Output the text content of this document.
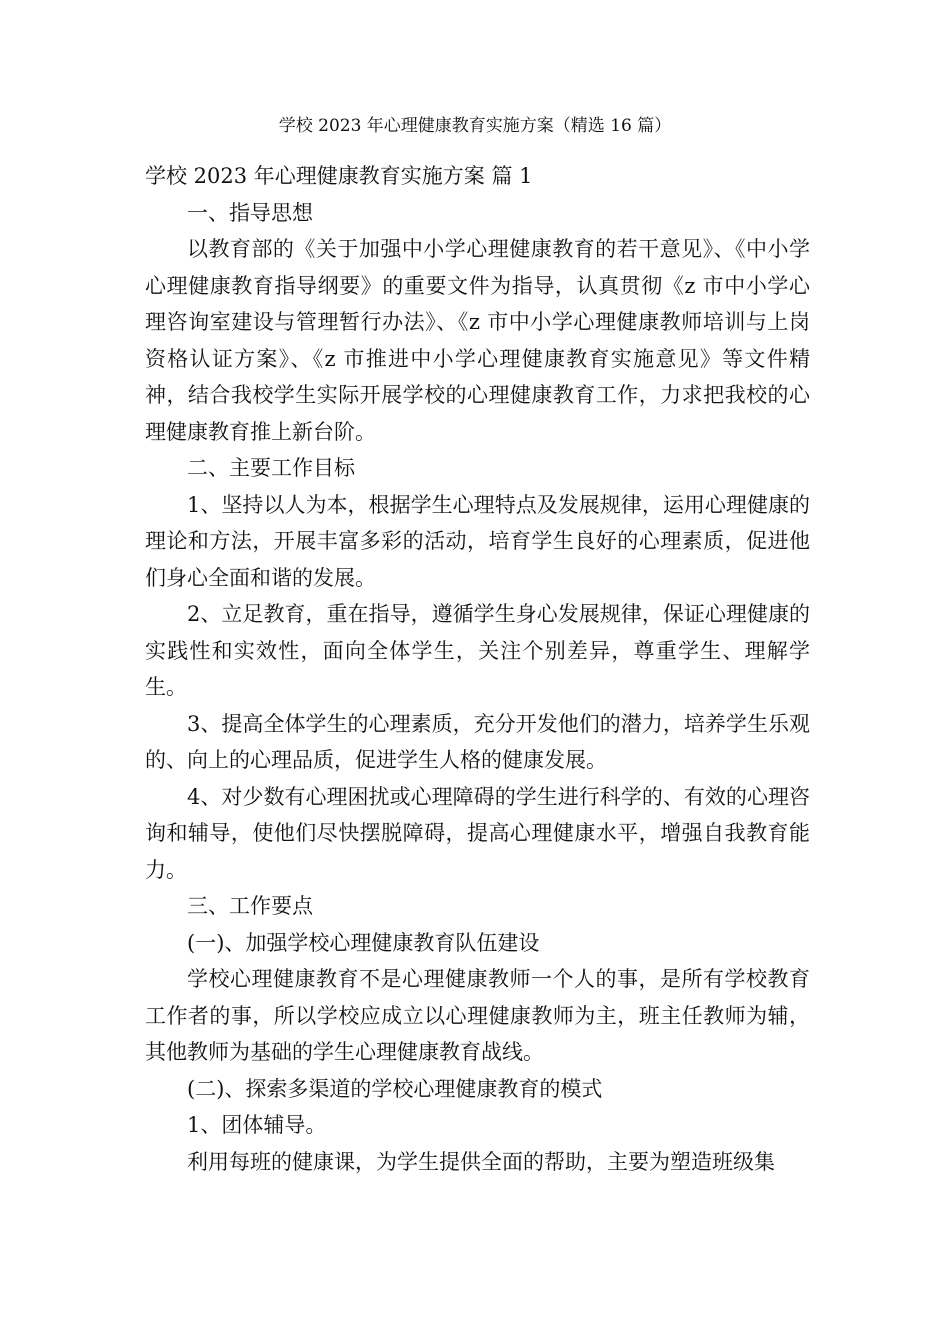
学校 2023 年心理健康教育实施方案（精选 16 篇）

学校 2023 年心理健康教育实施方案 篇 1

一、指导思想

以教育部的《关于加强中小学心理健康教育的若干意见》、《中小学心理健康教育指导纲要》的重要文件为指导，认真贯彻《z 市中小学心理咨询室建设与管理暂行办法》、《z 市中小学心理健康教师培训与上岗资格认证方案》、《z 市推进中小学心理健康教育实施意见》等文件精神，结合我校学生实际开展学校的心理健康教育工作，力求把我校的心理健康教育推上新台阶。

二、主要工作目标

1、坚持以人为本，根据学生心理特点及发展规律，运用心理健康的理论和方法，开展丰富多彩的活动，培育学生良好的心理素质，促进他们身心全面和谐的发展。

2、立足教育，重在指导，遵循学生身心发展规律，保证心理健康的实践性和实效性，面向全体学生，关注个别差异，尊重学生、理解学生。

3、提高全体学生的心理素质，充分开发他们的潜力，培养学生乐观的、向上的心理品质，促进学生人格的健康发展。

4、对少数有心理困扰或心理障碍的学生进行科学的、有效的心理咨询和辅导，使他们尽快摆脱障碍，提高心理健康水平，增强自我教育能力。

三、工作要点

(一)、加强学校心理健康教育队伍建设

学校心理健康教育不是心理健康教师一个人的事，是所有学校教育工作者的事，所以学校应成立以心理健康教师为主，班主任教师为辅，其他教师为基础的学生心理健康教育战线。

(二)、探索多渠道的学校心理健康教育的模式

1、团体辅导。

利用每班的健康课，为学生提供全面的帮助，主要为塑造班级集
